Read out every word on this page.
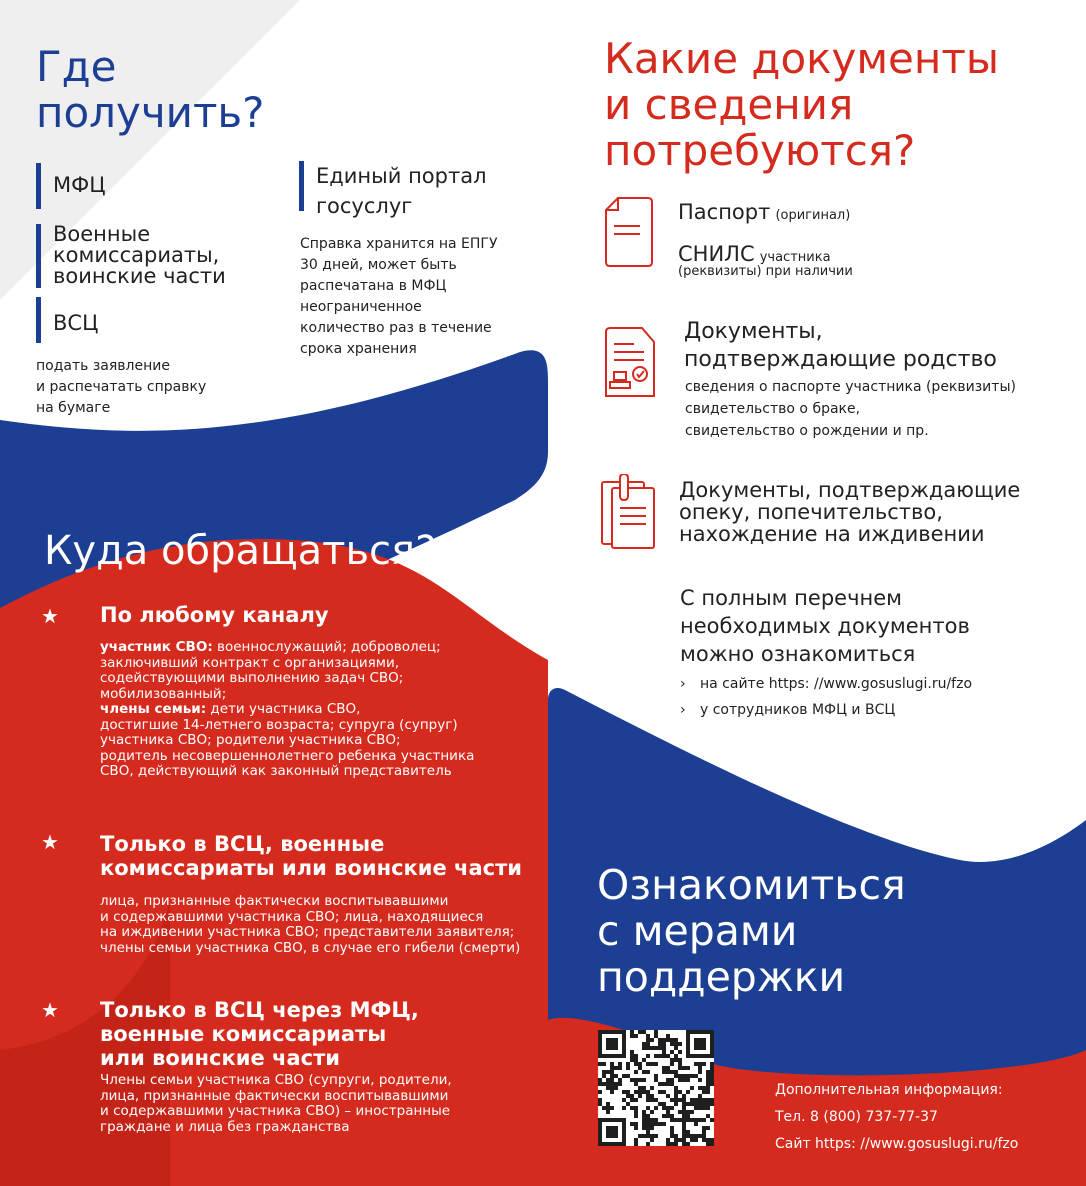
Где
получить?
МФЦ
Военные
комиссариаты,
воинские части
ВСЦ
подать заявление
и распечатать справку
на бумаге
Единый портал
госуслуг
Справка хранится на ЕПГУ
30 дней, может быть
распечатана в МФЦ
неограниченное
количество раз в течение
срока хранения
Какие документы
и сведения
потребуются?
Паспорт (оригинал)
СНИЛС участника
(реквизиты) при наличии
Документы,
подтверждающие родство
сведения о паспорте участника (реквизиты)
свидетельство о браке,
свидетельство о рождении и пр.
Документы, подтверждающие
опеку, попечительство,
нахождение на иждивении
С полным перечнем
необходимых документов
можно ознакомиться
› на сайте https: //www.gosuslugi.ru/fzo
› у сотрудников МФЦ и ВСЦ
Куда обращаться?
★ По любому каналу
участник СВО: военнослужащий; доброволец;
заключивший контракт с организациями,
содействующими выполнению задач СВО;
мобилизованный;
члены семьи: дети участника СВО,
достигшие 14-летнего возраста; супруга (супруг)
участника СВО; родители участника СВО;
родитель несовершеннолетнего ребенка участника
СВО, действующий как законный представитель
★ Только в ВСЦ, военные
комиссариаты или воинские части
лица, признанные фактически воспитывавшими
и содержавшими участника СВО; лица, находящиеся
на иждивении участника СВО; представители заявителя;
члены семьи участника СВО, в случае его гибели (смерти)
★ Только в ВСЦ через МФЦ,
военные комиссариаты
или воинские части
Члены семьи участника СВО (супруги, родители,
лица, признанные фактически воспитывавшими
и содержавшими участника СВО) – иностранные
граждане и лица без гражданства
Ознакомиться
с мерами
поддержки
Дополнительная информация:
Тел. 8 (800) 737-77-37
Сайт https: //www.gosuslugi.ru/fzo
